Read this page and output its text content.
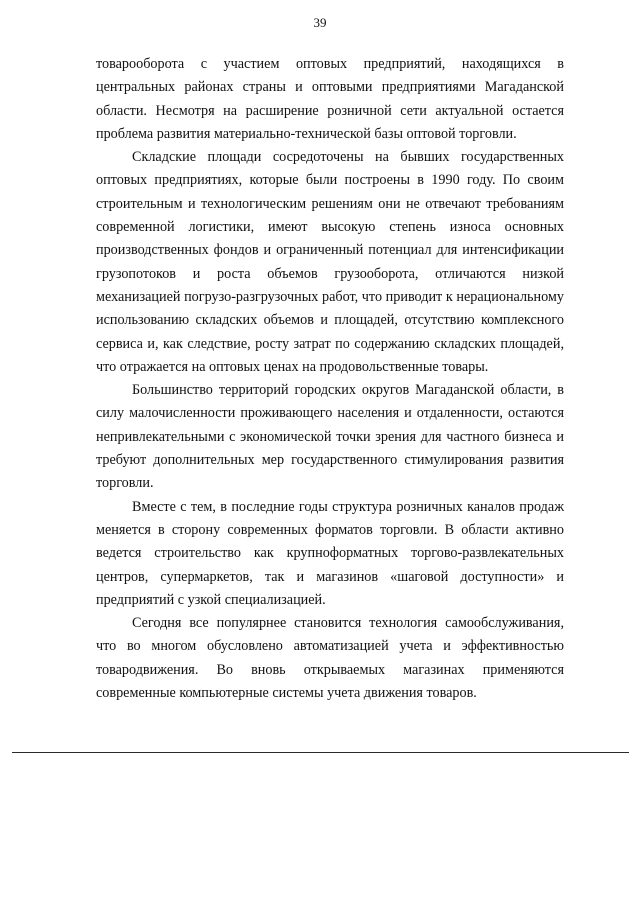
39

товарооборота с участием оптовых предприятий, находящихся в центральных районах страны и оптовыми предприятиями Магаданской области. Несмотря на расширение розничной сети актуальной остается проблема развития материально-технической базы оптовой торговли.

Складские площади сосредоточены на бывших государственных оптовых предприятиях, которые были построены в 1990 году. По своим строительным и технологическим решениям они не отвечают требованиям современной логистики, имеют высокую степень износа основных производственных фондов и ограниченный потенциал для интенсификации грузопотоков и роста объемов грузооборота, отличаются низкой механизацией погрузо-разгрузочных работ, что приводит к нерациональному использованию складских объемов и площадей, отсутствию комплексного сервиса и, как следствие, росту затрат по содержанию складских площадей, что отражается на оптовых ценах на продовольственные товары.

Большинство территорий городских округов Магаданской области, в силу малочисленности проживающего населения и отдаленности, остаются непривлекательными с экономической точки зрения для частного бизнеса и требуют дополнительных мер государственного стимулирования развития торговли.

Вместе с тем, в последние годы структура розничных каналов продаж меняется в сторону современных форматов торговли. В области активно ведется строительство как крупноформатных торгово-развлекательных центров, супермаркетов, так и магазинов «шаговой доступности» и предприятий с узкой специализацией.

Сегодня все популярнее становится технология самообслуживания, что во многом обусловлено автоматизацией учета и эффективностью товародвижения. Во вновь открываемых магазинах применяются современные компьютерные системы учета движения товаров.
